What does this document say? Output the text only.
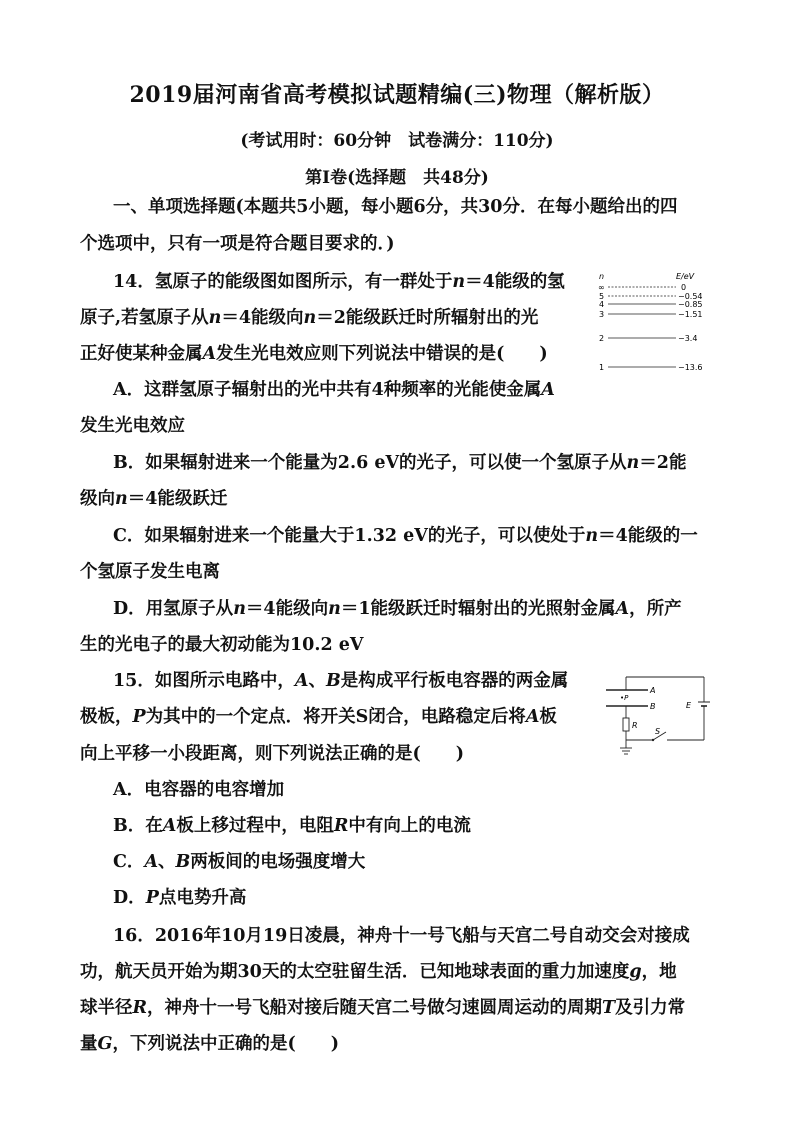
2019届河南省高考模拟试题精编(三)物理（解析版）
(考试用时：60分钟　试卷满分：110分)
第Ⅰ卷(选择题　共48分)
一、单项选择题(本题共5小题，每小题6分，共30分．在每小题给出的四
个选项中，只有一项是符合题目要求的．)
14．氢原子的能级图如图所示，有一群处于n＝4能级的氢
原子,若氢原子从n＝4能级向n＝2能级跃迁时所辐射出的光
正好使某种金属A发生光电效应则下列说法中错误的是(　　)
A．这群氢原子辐射出的光中共有4种频率的光能使金属A
发生光电效应
B．如果辐射进来一个能量为2.6 eV的光子，可以使一个氢原子从n＝2能
级向n＝4能级跃迁
C．如果辐射进来一个能量大于1.32 eV的光子，可以使处于n＝4能级的一
个氢原子发生电离
D．用氢原子从n＝4能级向n＝1能级跃迁时辐射出的光照射金属A，所产
生的光电子的最大初动能为10.2 eV
n	E/eV
∞	0
5	−0.54
4	−0.85
3	−1.51
2	−3.4
1	−13.6
15．如图所示电路中，A、B是构成平行板电容器的两金属
极板，P为其中的一个定点．将开关S闭合，电路稳定后将A板
向上平移一小段距离，则下列说法正确的是(　　)
A．电容器的电容增加
B．在A板上移过程中，电阻R中有向上的电流
C．A、B两板间的电场强度增大
D．P点电势升高
E
A
•P
B
R
S
16．2016年10月19日凌晨，神舟十一号飞船与天宫二号自动交会对接成
功，航天员开始为期30天的太空驻留生活．已知地球表面的重力加速度g，地
球半径R，神舟十一号飞船对接后随天宫二号做匀速圆周运动的周期T及引力常
量G，下列说法中正确的是(　　)
